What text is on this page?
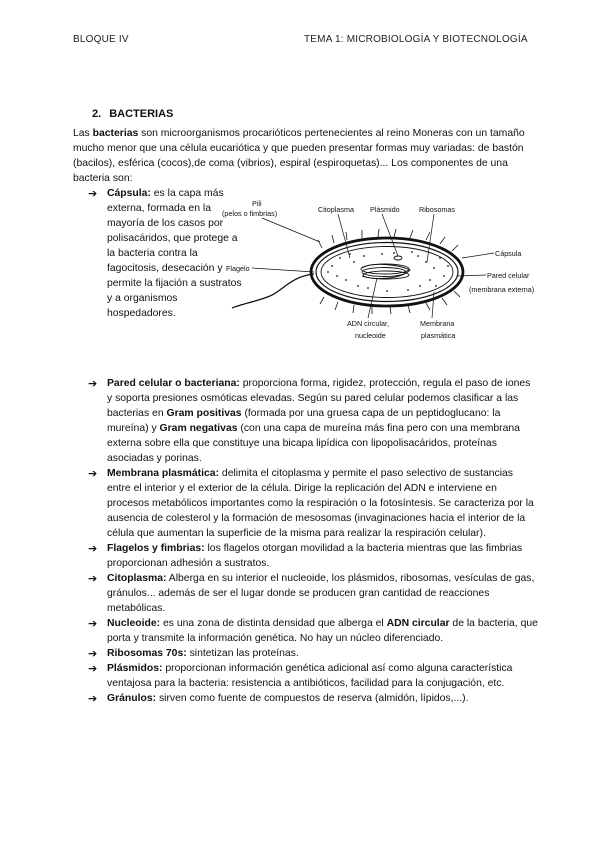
BLOQUE IV	TEMA 1: MICROBIOLOGÍA Y BIOTECNOLOGÍA
2. BACTERIAS
Las bacterias son microorganismos procarióticos pertenecientes al reino Moneras con un tamaño mucho menor que una célula eucariótica y que pueden presentar formas muy variadas: de bastón (bacilos), esférica (cocos),de coma (vibrios), espiral (espiroquetas)... Los componentes de una bacteria son:
➔ Cápsula: es la capa más externa, formada en la mayoría de los casos por polisacáridos, que protege a la bacteria contra la fagocitosis, desecación y permite la fijación a sustratos y a organismos hospedadores.
➔ Pared celular o bacteriana: proporciona forma, rigidez, protección, regula el paso de iones y soporta presiones osmóticas elevadas. Según su pared celular podemos clasificar a las bacterias en Gram positivas (formada por una gruesa capa de un peptidoglucano: la mureína) y Gram negativas (con una capa de mureína más fina pero con una membrana externa sobre ella que constituye una bicapa lipídica con lipopolisacáridos, proteínas asociadas y porinas.
➔ Membrana plasmática: delimita el citoplasma y permite el paso selectivo de sustancias entre el interior y el exterior de la célula. Dirige la replicación del ADN e interviene en procesos metabólicos importantes como la respiración o la fotosíntesis. Se caracteriza por la ausencia de colesterol y la formación de mesosomas (invaginaciones hacia el interior de la célula que aumentan la superficie de la misma para realizar la respiración celular).
➔ Flagelos y fimbrias: los flagelos otorgan movilidad a la bacteria mientras que las fimbrias proporcionan adhesión a sustratos.
➔ Citoplasma: Alberga en su interior el nucleoide, los plásmidos, ribosomas, vesículas de gas, gránulos... además de ser el lugar donde se producen gran cantidad de reacciones metabólicas.
➔ Nucleoide: es una zona de distinta densidad que alberga el ADN circular de la bacteria, que porta y transmite la información genética. No hay un núcleo diferenciado.
➔ Ribosomas 70s: sintetizan las proteínas.
➔ Plásmidos: proporcionan información genética adicional así como alguna característica ventajosa para la bacteria: resistencia a antibióticos, facilidad para la conjugación, etc.
➔ Gránulos: sirven como fuente de compuestos de reserva (almidón, lípidos,...).
Pili
(pelos o fimbrias)	Citoplasma Plásmido	Ribosomas
Cápsula
Flagelo
Pared celular
(membrana externa)
ADN circular,
nucleoide
Membrana
plasmática
